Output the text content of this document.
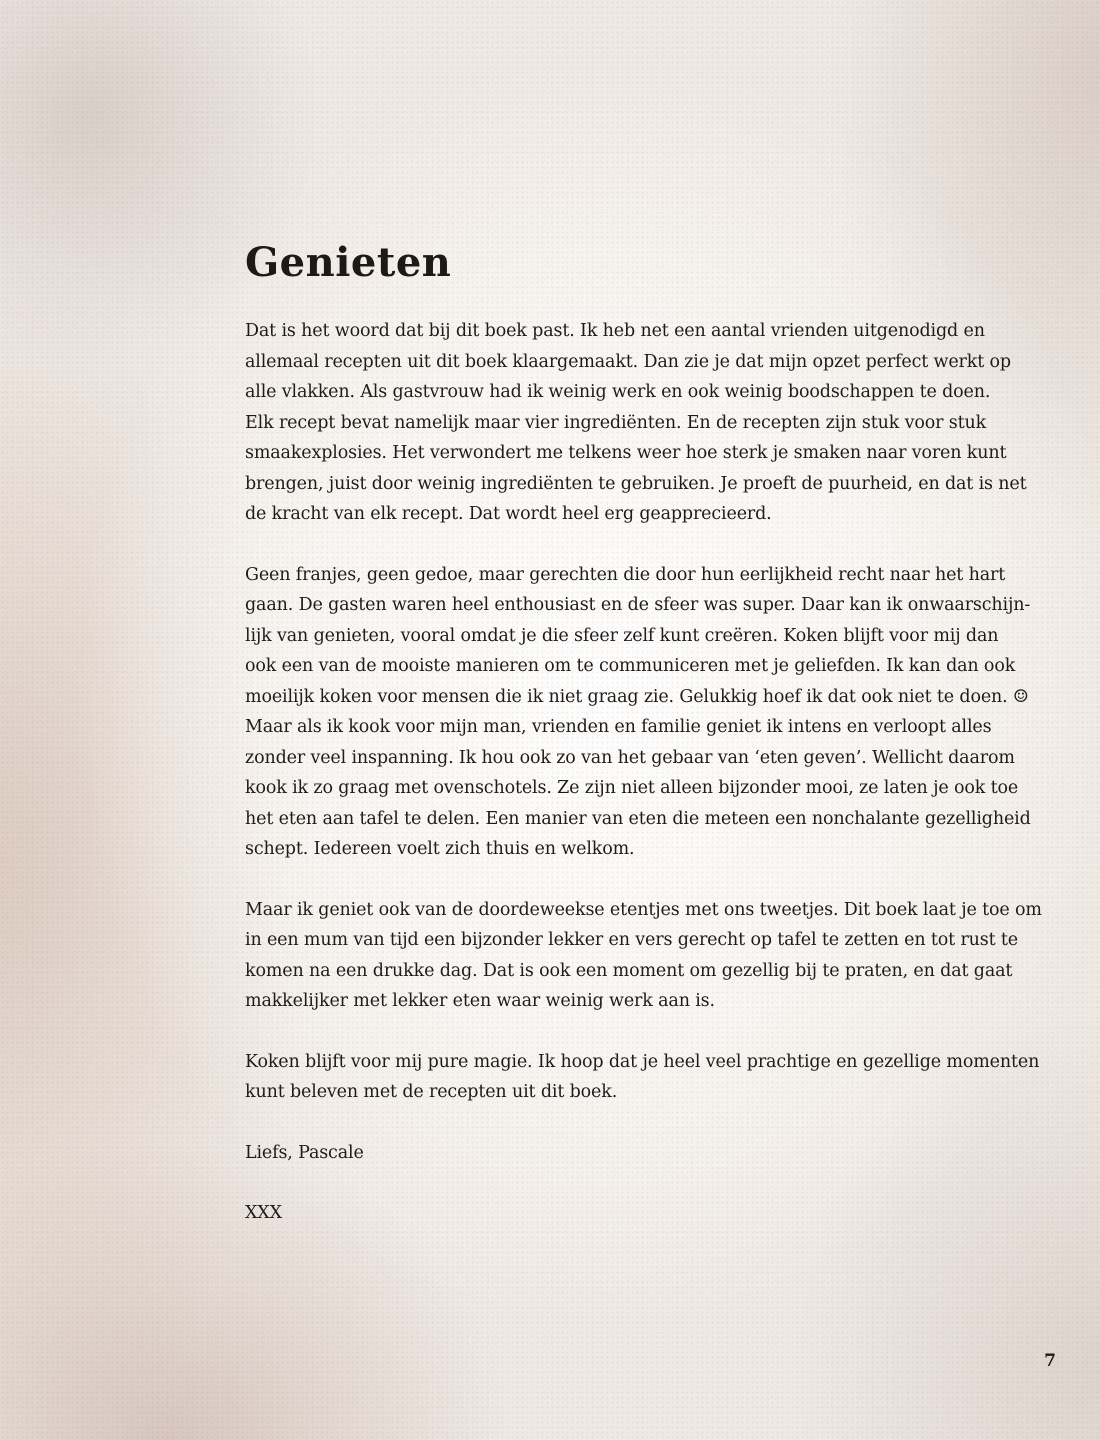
Genieten
Dat is het woord dat bij dit boek past. Ik heb net een aantal vrienden uitgenodigd en
allemaal recepten uit dit boek klaargemaakt. Dan zie je dat mijn opzet perfect werkt op
alle vlakken. Als gastvrouw had ik weinig werk en ook weinig boodschappen te doen.
Elk recept bevat namelijk maar vier ingrediënten. En de recepten zijn stuk voor stuk
smaakexplosies. Het verwondert me telkens weer hoe sterk je smaken naar voren kunt
brengen, juist door weinig ingrediënten te gebruiken. Je proeft de puurheid, en dat is net
de kracht van elk recept. Dat wordt heel erg geapprecieerd.
Geen franjes, geen gedoe, maar gerechten die door hun eerlijkheid recht naar het hart
gaan. De gasten waren heel enthousiast en de sfeer was super. Daar kan ik onwaarschijn-
lijk van genieten, vooral omdat je die sfeer zelf kunt creëren. Koken blijft voor mij dan
ook een van de mooiste manieren om te communiceren met je geliefden. Ik kan dan ook
moeilijk koken voor mensen die ik niet graag zie. Gelukkig hoef ik dat ook niet te doen. ☺
Maar als ik kook voor mijn man, vrienden en familie geniet ik intens en verloopt alles
zonder veel inspanning. Ik hou ook zo van het gebaar van ‘eten geven’. Wellicht daarom
kook ik zo graag met ovenschotels. Ze zijn niet alleen bijzonder mooi, ze laten je ook toe
het eten aan tafel te delen. Een manier van eten die meteen een nonchalante gezelligheid
schept. Iedereen voelt zich thuis en welkom.
Maar ik geniet ook van de doordeweekse etentjes met ons tweetjes. Dit boek laat je toe om
in een mum van tijd een bijzonder lekker en vers gerecht op tafel te zetten en tot rust te
komen na een drukke dag. Dat is ook een moment om gezellig bij te praten, en dat gaat
makkelijker met lekker eten waar weinig werk aan is.
Koken blijft voor mij pure magie. Ik hoop dat je heel veel prachtige en gezellige momenten
kunt beleven met de recepten uit dit boek.
Liefs, Pascale
XXX
7
